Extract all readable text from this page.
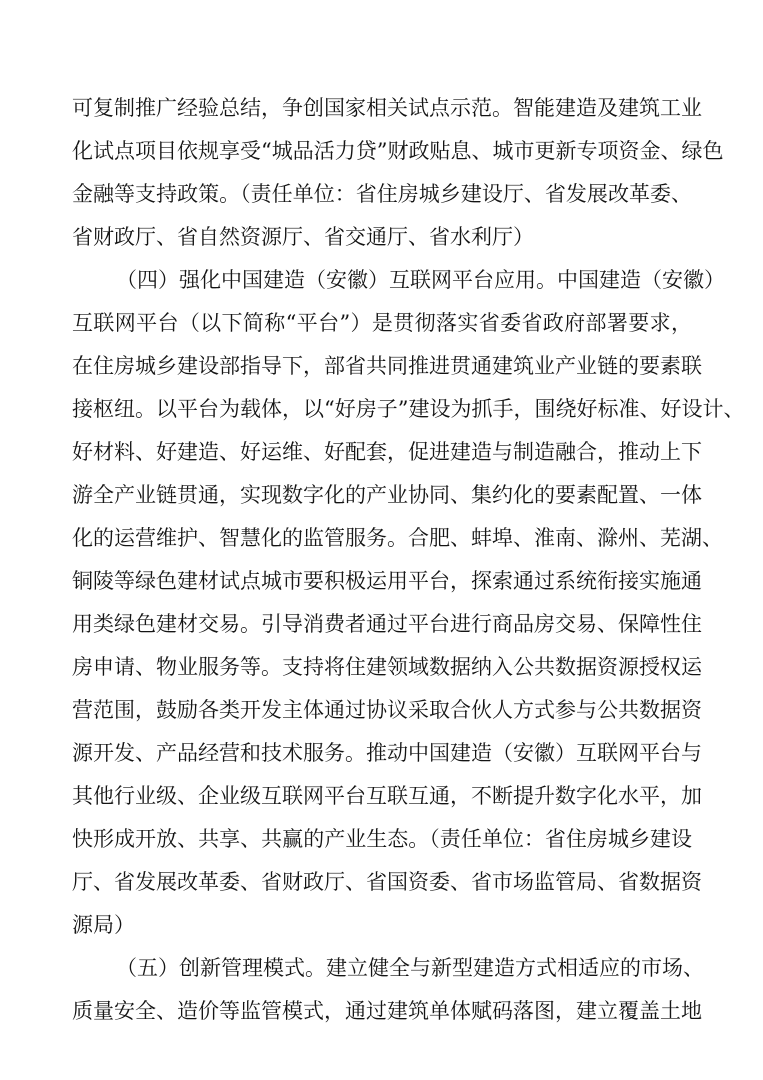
可复制推广经验总结，争创国家相关试点示范。智能建造及建筑工业
化试点项目依规享受“城品活力贷”财政贴息、城市更新专项资金、绿色
金融等支持政策。（责任单位：省住房城乡建设厅、省发展改革委、
省财政厅、省自然资源厅、省交通厅、省水利厅）
（四）强化中国建造（安徽）互联网平台应用。中国建造（安徽）
互联网平台（以下简称“平台”）是贯彻落实省委省政府部署要求，
在住房城乡建设部指导下，部省共同推进贯通建筑业产业链的要素联
接枢纽。以平台为载体，以“好房子”建设为抓手，围绕好标准、好设计、
好材料、好建造、好运维、好配套，促进建造与制造融合，推动上下
游全产业链贯通，实现数字化的产业协同、集约化的要素配置、一体
化的运营维护、智慧化的监管服务。合肥、蚌埠、淮南、滁州、芜湖、
铜陵等绿色建材试点城市要积极运用平台，探索通过系统衔接实施通
用类绿色建材交易。引导消费者通过平台进行商品房交易、保障性住
房申请、物业服务等。支持将住建领域数据纳入公共数据资源授权运
营范围，鼓励各类开发主体通过协议采取合伙人方式参与公共数据资
源开发、产品经营和技术服务。推动中国建造（安徽）互联网平台与
其他行业级、企业级互联网平台互联互通，不断提升数字化水平，加
快形成开放、共享、共赢的产业生态。（责任单位：省住房城乡建设
厅、省发展改革委、省财政厅、省国资委、省市场监管局、省数据资
源局）
（五）创新管理模式。建立健全与新型建造方式相适应的市场、
质量安全、造价等监管模式，通过建筑单体赋码落图，建立覆盖土地
